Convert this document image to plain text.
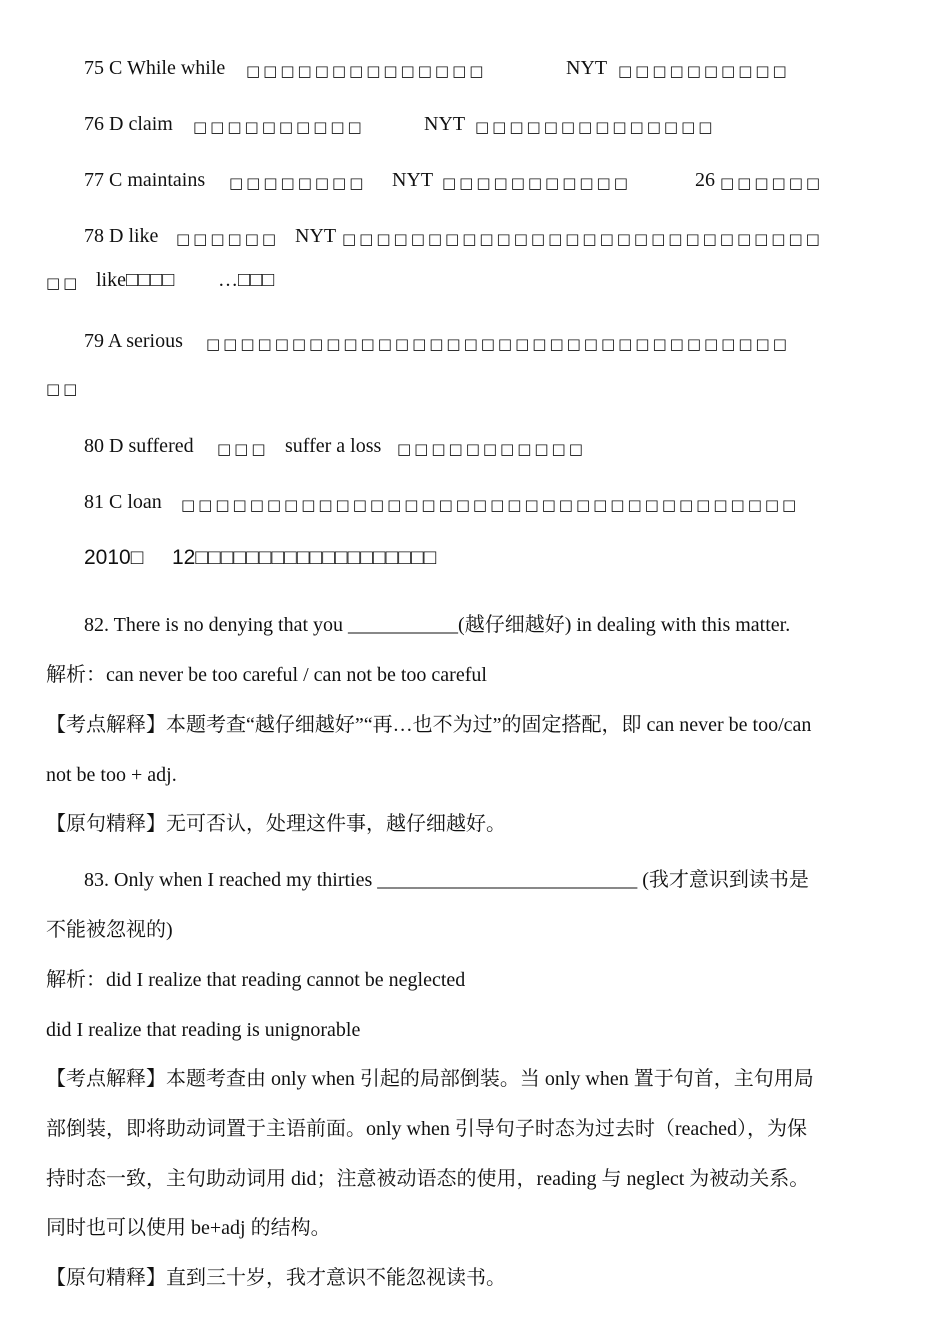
75 C While while □□□□□□□□□□□□□□	NYT □□□□□□□□□□
76 D claim □□□□□□□□□□	NYT □□□□□□□□□□□□□□
77 C maintains □□□□□□□□ NYT □□□□□□□□□□□	26 □□□□□□
78 D like □□□□□□ NYT □□□□□□□□□□□□□□□□□□□□□□□□□□□□
□□ like□□□□ …□□□
79 A serious □□□□□□□□□□□□□□□□□□□□□□□□□□□□□□□□□□
□□
80 D suffered □□□ suffer a loss □□□□□□□□□□□
81 C loan □□□□□□□□□□□□□□□□□□□□□□□□□□□□□□□□□□□□
2010□ 12□□□□□□□□□□□□□□□□□□□
82. There is no denying that you ___________(越仔细越好) in dealing with this matter.
解析：can never be too careful / can not be too careful
【考点解释】本题考查“越仔细越好”“再…也不为过”的固定搭配，即 can never be too/can
not be too + adj.
【原句精释】无可否认，处理这件事，越仔细越好。
83. Only when I reached my thirties __________________________ (我才意识到读书是
不能被忽视的)
解析：did I realize that reading cannot be neglected
did I realize that reading is unignorable
【考点解释】本题考查由 only when 引起的局部倒装。当 only when 置于句首，主句用局
部倒装，即将助动词置于主语前面。only when 引导句子时态为过去时（reached），为保
持时态一致，主句助动词用 did；注意被动语态的使用，reading 与 neglect 为被动关系。
同时也可以使用 be+adj 的结构。
【原句精释】直到三十岁，我才意识不能忽视读书。
